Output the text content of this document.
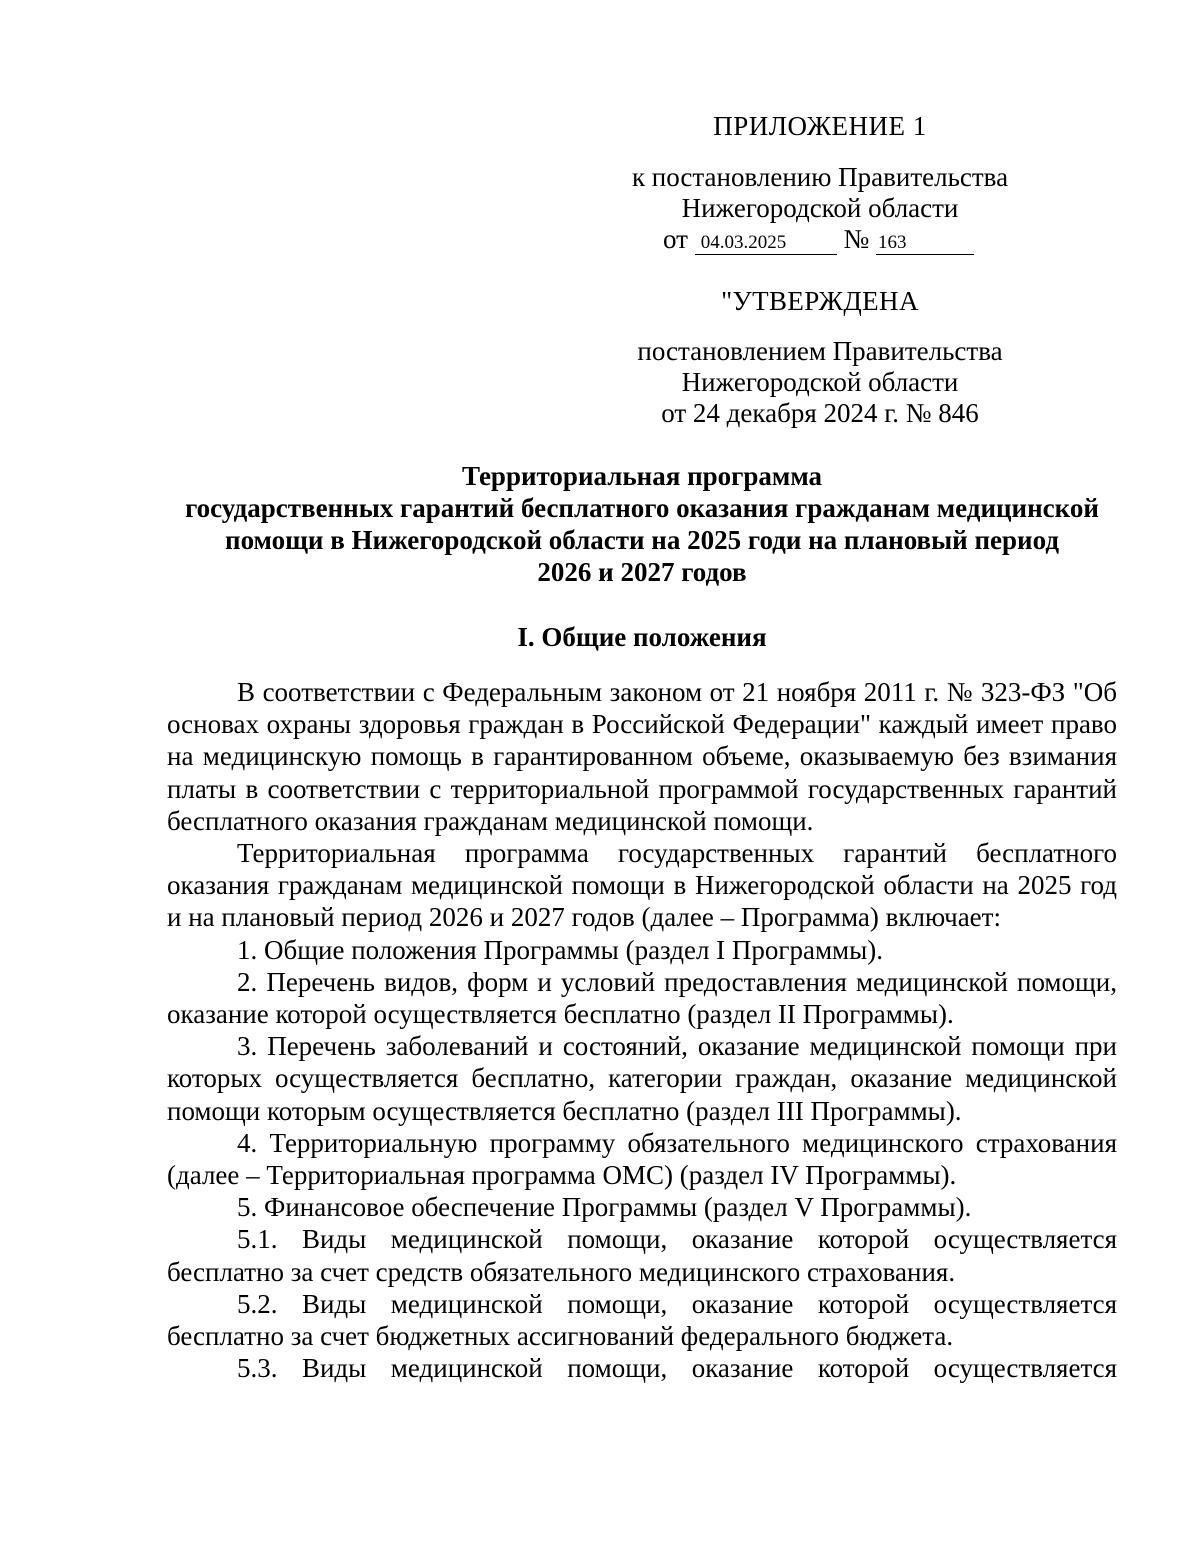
ПРИЛОЖЕНИЕ 1
к постановлению Правительства
Нижегородской области
от 04.03.2025 № 163
"УТВЕРЖДЕНА
постановлением Правительства
Нижегородской области
от 24 декабря 2024 г. № 846
Территориальная программа
государственных гарантий бесплатного оказания гражданам медицинской
помощи в Нижегородской области на 2025 годи на плановый период
2026 и 2027 годов
I. Общие положения

В соответствии с Федеральным законом от 21 ноября 2011 г. № 323-ФЗ "Об основах охраны здоровья граждан в Российской Федерации" каждый имеет право на медицинскую помощь в гарантированном объеме, оказываемую без взимания платы в соответствии с территориальной программой государственных гарантий бесплатного оказания гражданам медицинской помощи.

Территориальная программа государственных гарантий бесплатного оказания гражданам медицинской помощи в Нижегородской области на 2025 год и на плановый период 2026 и 2027 годов (далее – Программа) включает:

1. Общие положения Программы (раздел I Программы).

2. Перечень видов, форм и условий предоставления медицинской помощи, оказание которой осуществляется бесплатно (раздел II Программы).

3. Перечень заболеваний и состояний, оказание медицинской помощи при которых осуществляется бесплатно, категории граждан, оказание медицинской помощи которым осуществляется бесплатно (раздел III Программы).

4. Территориальную программу обязательного медицинского страхования (далее – Территориальная программа ОМС) (раздел IV Программы).

5. Финансовое обеспечение Программы (раздел V Программы).

5.1. Виды медицинской помощи, оказание которой осуществляется бесплатно за счет средств обязательного медицинского страхования.

5.2. Виды медицинской помощи, оказание которой осуществляется бесплатно за счет бюджетных ассигнований федерального бюджета.

5.3. Виды медицинской помощи, оказание которой осуществляется
